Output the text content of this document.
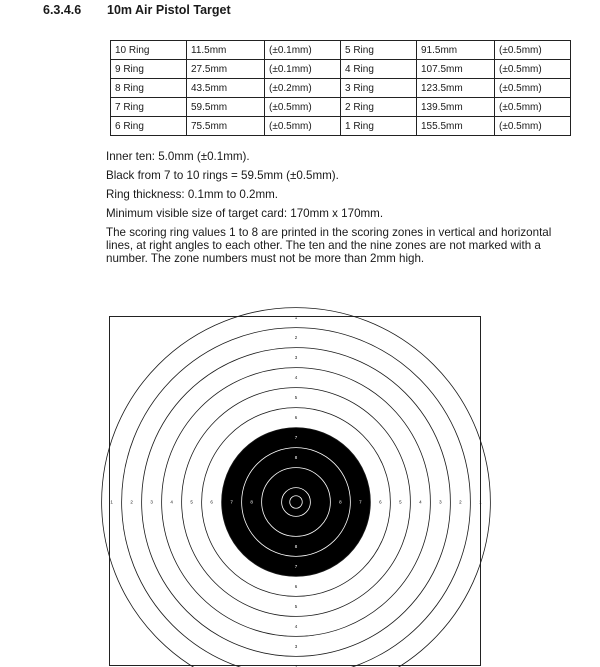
6.3.4.6 10m Air Pistol Target
10 Ring	11.5mm	(±0.1mm)	5 Ring	91.5mm	(±0.5mm)
9 Ring	27.5mm	(±0.1mm)	4 Ring	107.5mm	(±0.5mm)
8 Ring	43.5mm	(±0.2mm)	3 Ring	123.5mm	(±0.5mm)
7 Ring	59.5mm	(±0.5mm)	2 Ring	139.5mm	(±0.5mm)
6 Ring	75.5mm	(±0.5mm)	1 Ring	155.5mm	(±0.5mm)

Inner ten: 5.0mm (±0.1mm).

Black from 7 to 10 rings = 59.5mm (±0.5mm).

Ring thickness: 0.1mm to 0.2mm.

Minimum visible size of target card: 170mm x 170mm.

The scoring ring values 1 to 8 are printed in the scoring zones in vertical and horizontal lines, at right angles to each other. The ten and the nine zones are not marked with a number. The zone numbers must not be more than 2mm high.

1
1	1
2
2
2	2
3
3
3	3
4
4
4	4
5
5
5	5
6
6
6	6
7
7
7	7
8
8
8	8
